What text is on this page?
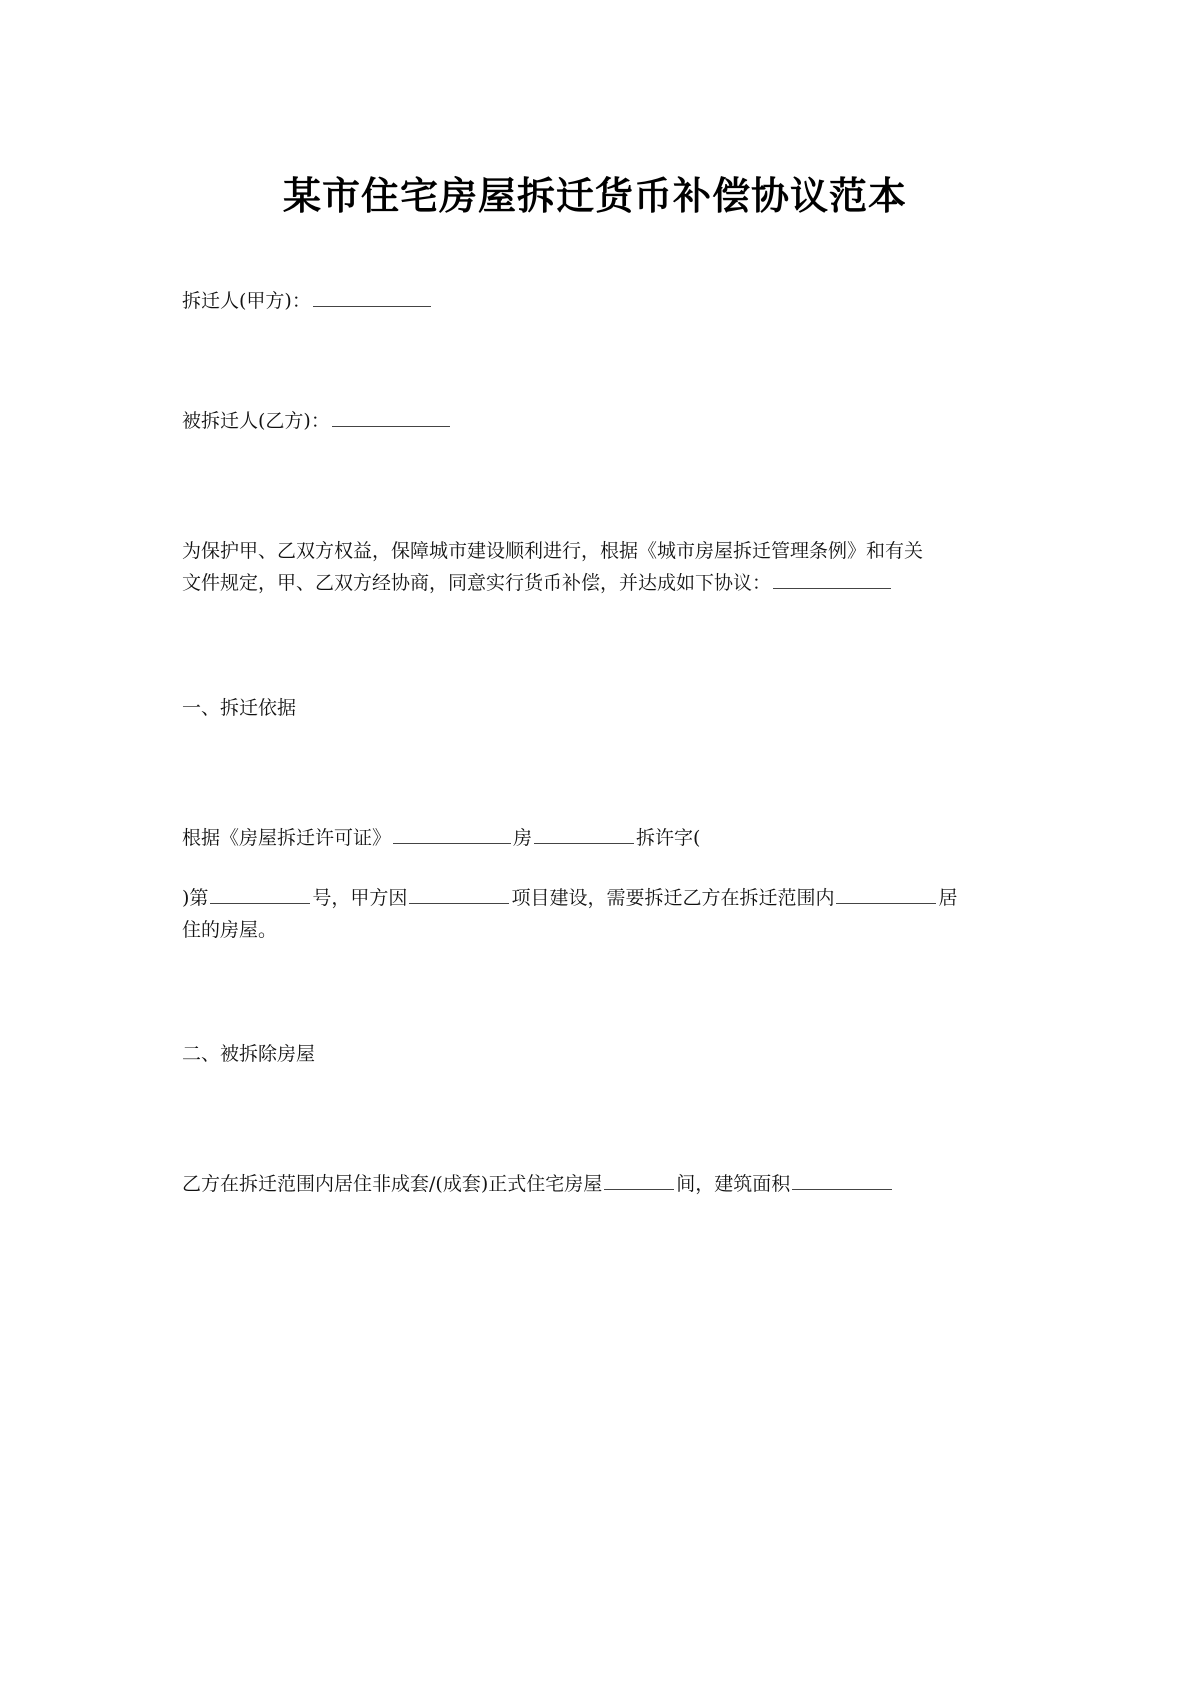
某市住宅房屋拆迁货币补偿协议范本
拆迁人(甲方)：
被拆迁人(乙方)：
为保护甲、乙双方权益，保障城市建设顺利进行，根据《城市房屋拆迁管理条例》和有关
文件规定，甲、乙双方经协商，同意实行货币补偿，并达成如下协议：
一、拆迁依据
根据《房屋拆迁许可证》	房	拆许字(
)第	号，甲方因	项目建设，需要拆迁乙方在拆迁范围内	居
住的房屋。
二、被拆除房屋
乙方在拆迁范围内居住非成套/(成套)正式住宅房屋	间，建筑面积
